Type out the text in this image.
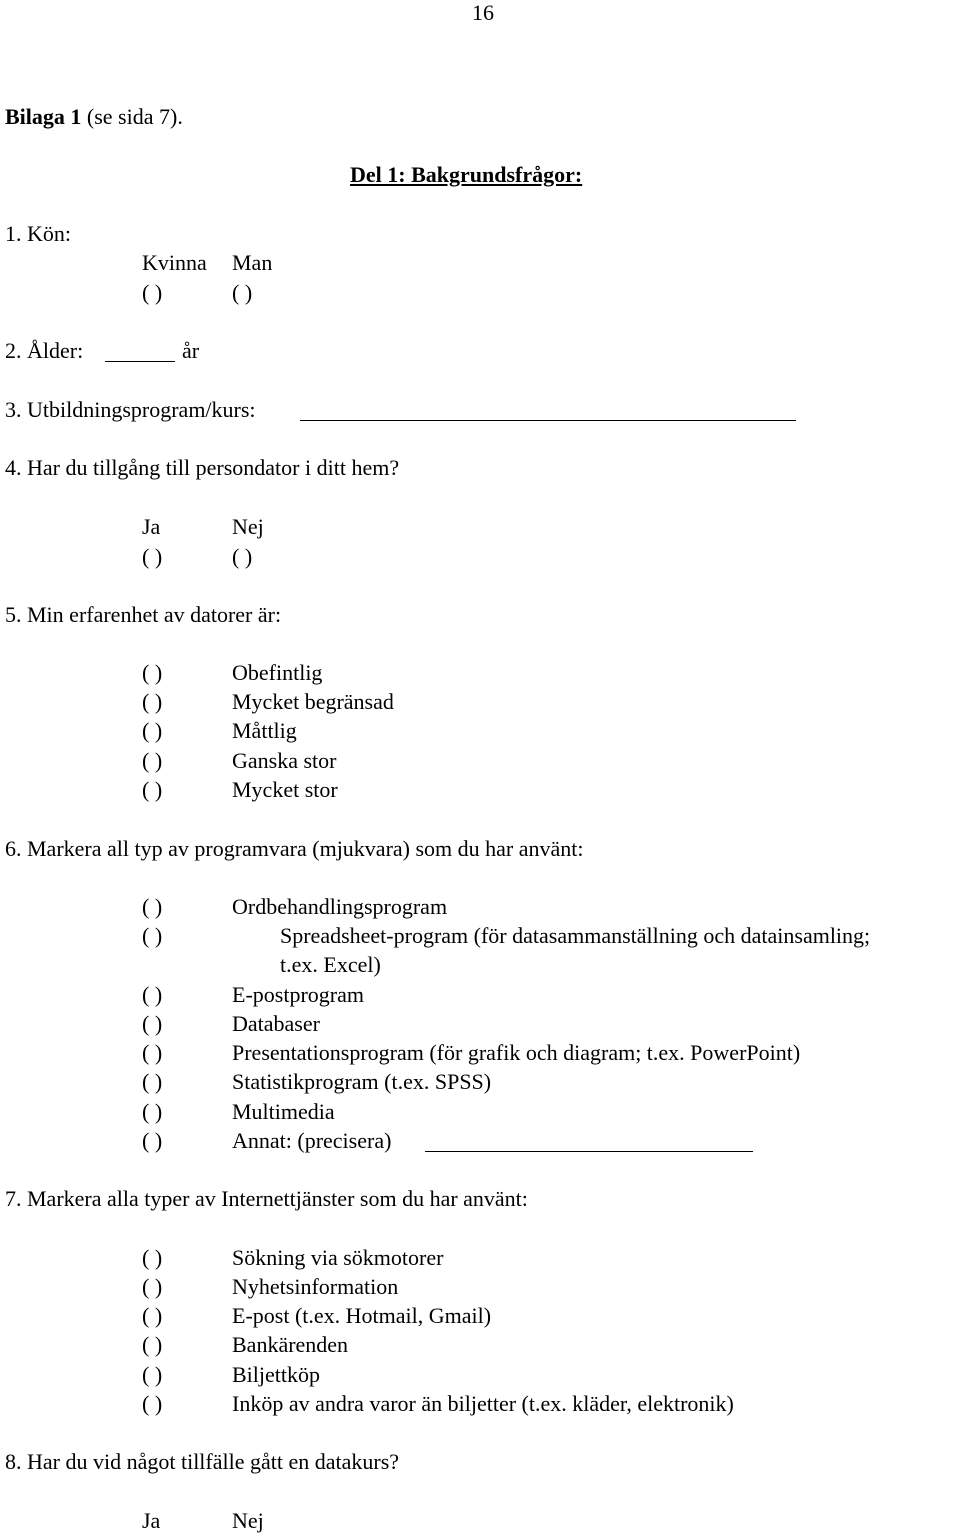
16
Bilaga 1 (se sida 7).
Del 1: Bakgrundsfrågor:
1. Kön:
Kvinna Man
( )	( )
2. Ålder:	år
3. Utbildningsprogram/kurs:
4. Har du tillgång till persondator i ditt hem?
Ja	Nej
( )	( )
5. Min erfarenhet av datorer är:
( )	Obefintlig
( )	Mycket begränsad
( )	Måttlig
( )	Ganska stor
( )	Mycket stor
6. Markera all typ av programvara (mjukvara) som du har använt:
( )	Ordbehandlingsprogram
( )	Spreadsheet-program (för datasammanställning och datainsamling;
t.ex. Excel)
( )	E-postprogram
( )	Databaser
( )	Presentationsprogram (för grafik och diagram; t.ex. PowerPoint)
( )	Statistikprogram (t.ex. SPSS)
( )	Multimedia
( )	Annat: (precisera)
7. Markera alla typer av Internettjänster som du har använt:
( )	Sökning via sökmotorer
( )	Nyhetsinformation
( )	E-post (t.ex. Hotmail, Gmail)
( )	Bankärenden
( )	Biljettköp
( )	Inköp av andra varor än biljetter (t.ex. kläder, elektronik)
8. Har du vid något tillfälle gått en datakurs?
Ja	Nej
